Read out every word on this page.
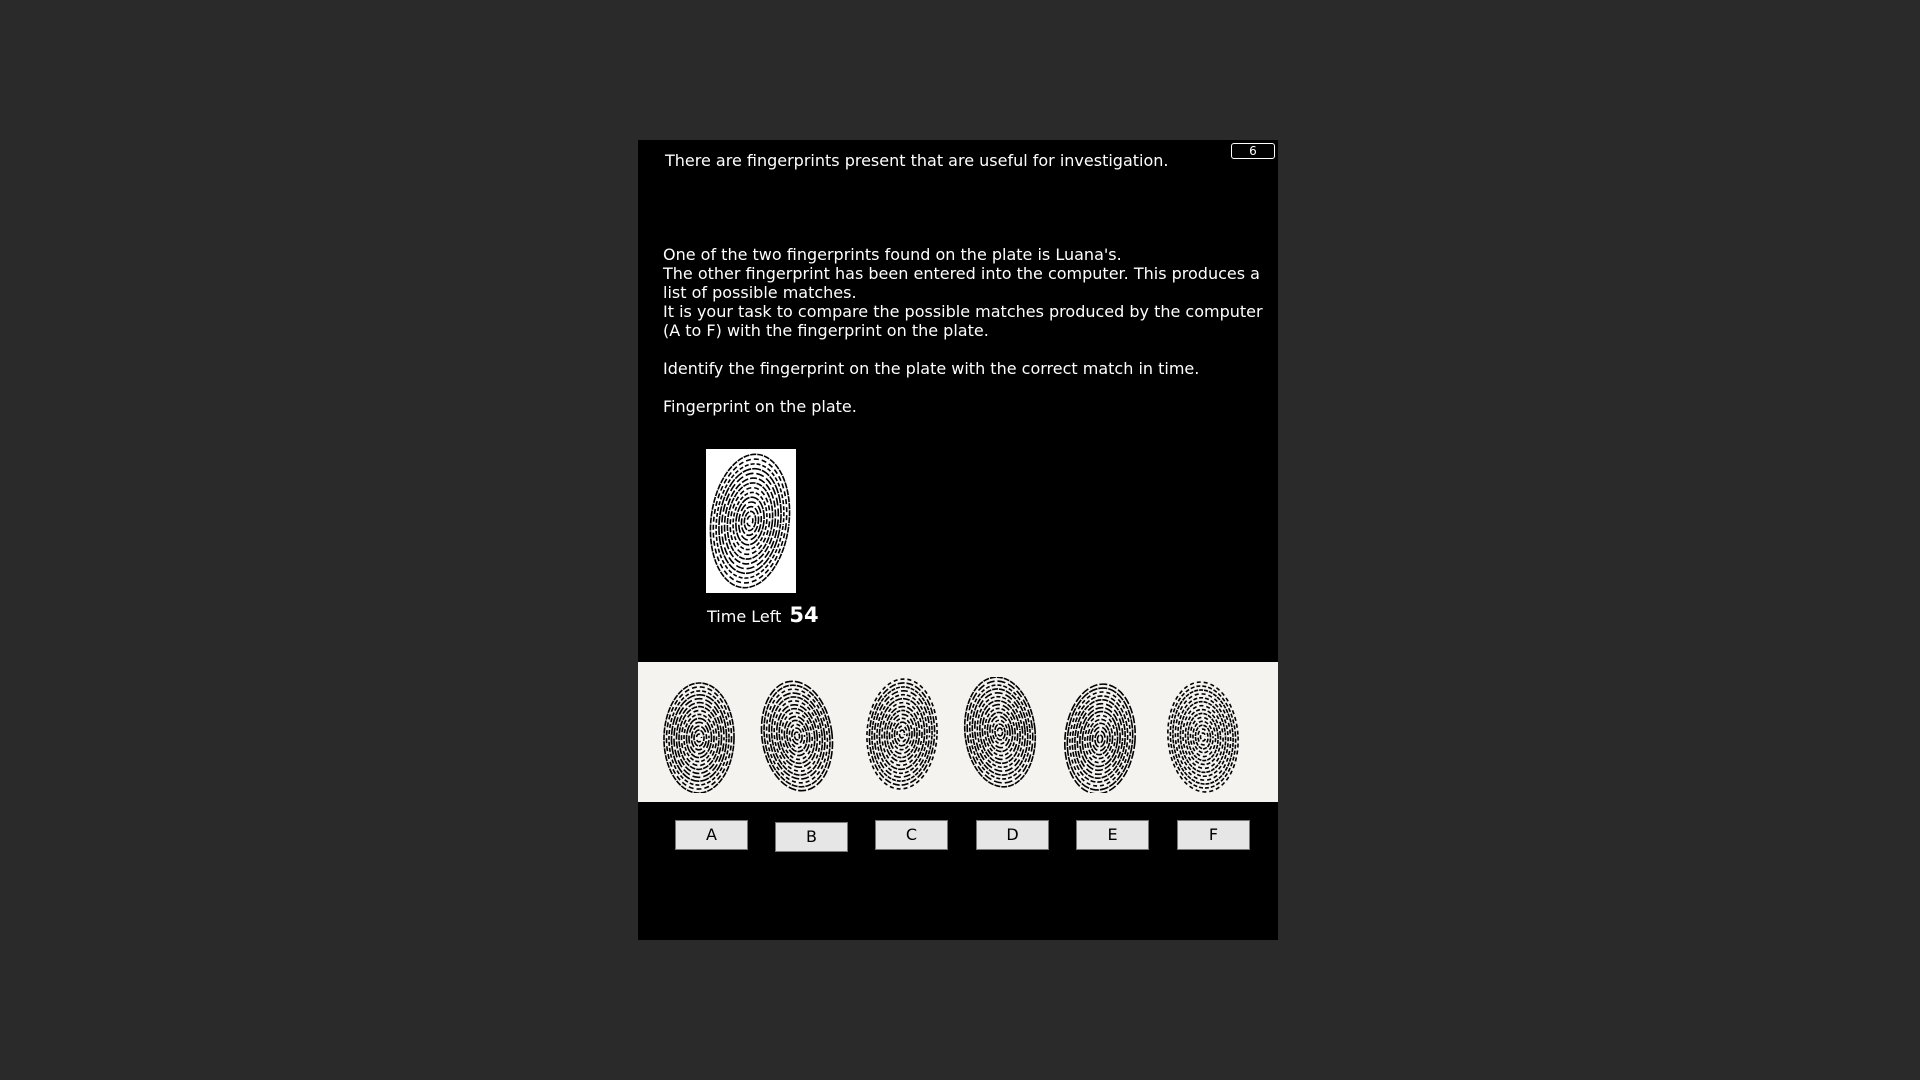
There are fingerprints present that are useful for investigation.	6

One of the two fingerprints found on the plate is Luana's.

The other fingerprint has been entered into the computer. This produces a list of possible matches.

It is your task to compare the possible matches produced by the computer (A to F) with the fingerprint on the plate.

Identify the fingerprint on the plate with the correct match in time.

Fingerprint on the plate.

Time Left 54
A	B	C	D	E	F
